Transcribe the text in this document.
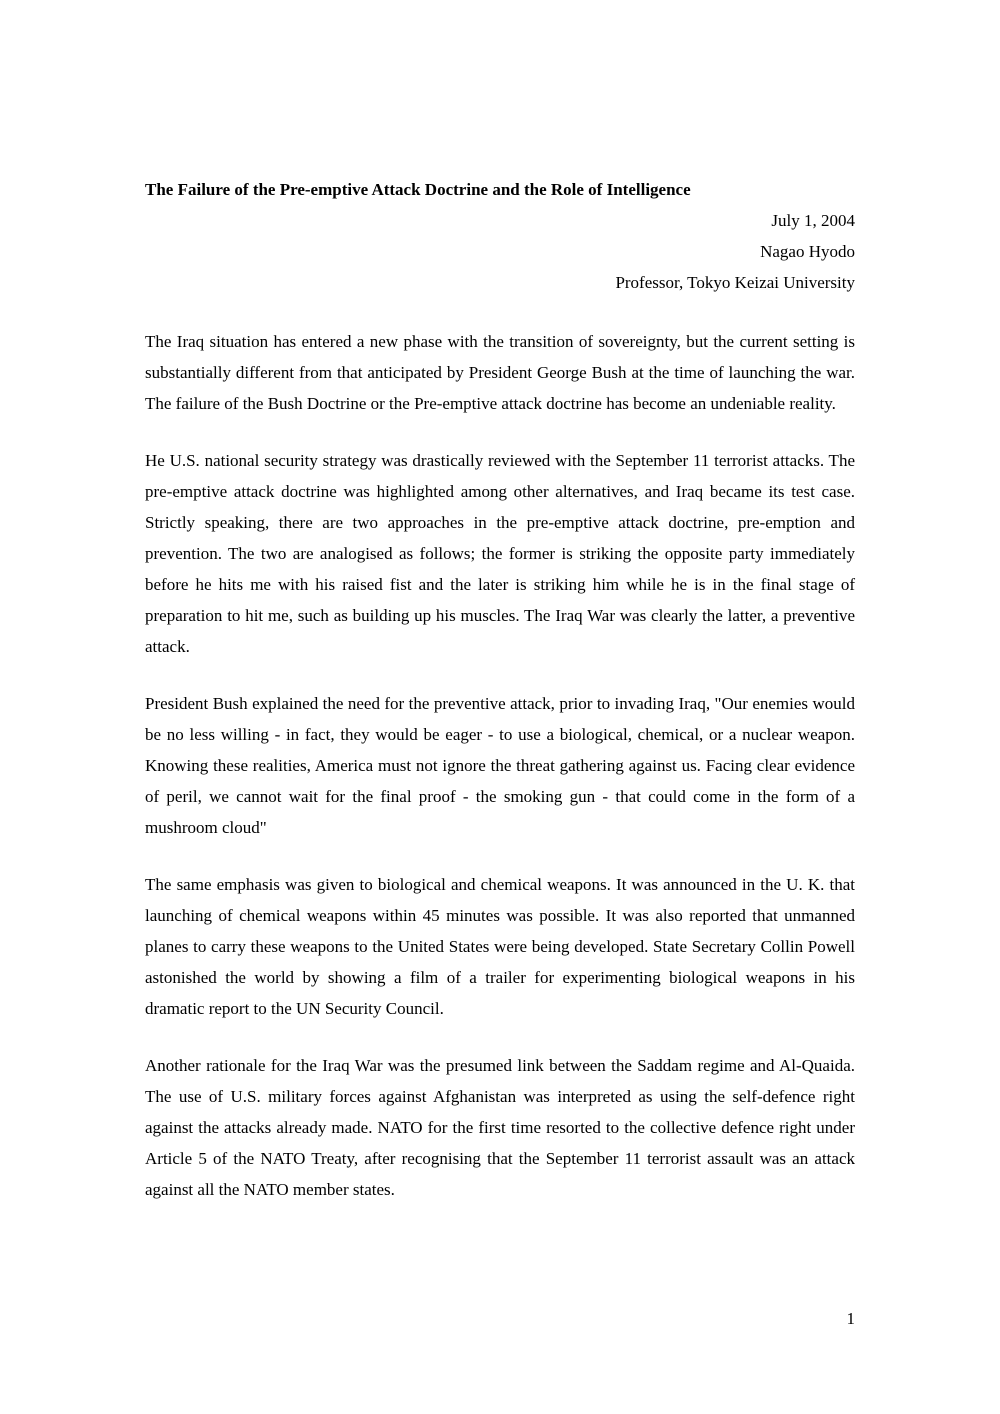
The Failure of the Pre-emptive Attack Doctrine and the Role of Intelligence
July 1, 2004
Nagao Hyodo
Professor, Tokyo Keizai University

The Iraq situation has entered a new phase with the transition of sovereignty, but the current setting is substantially different from that anticipated by President George Bush at the time of launching the war. The failure of the Bush Doctrine or the Pre-emptive attack doctrine has become an undeniable reality.

He U.S. national security strategy was drastically reviewed with the September 11 terrorist attacks. The pre-emptive attack doctrine was highlighted among other alternatives, and Iraq became its test case. Strictly speaking, there are two approaches in the pre-emptive attack doctrine, pre-emption and prevention. The two are analogised as follows; the former is striking the opposite party immediately before he hits me with his raised fist and the later is striking him while he is in the final stage of preparation to hit me, such as building up his muscles. The Iraq War was clearly the latter, a preventive attack.

President Bush explained the need for the preventive attack, prior to invading Iraq, "Our enemies would be no less willing - in fact, they would be eager - to use a biological, chemical, or a nuclear weapon. Knowing these realities, America must not ignore the threat gathering against us. Facing clear evidence of peril, we cannot wait for the final proof - the smoking gun - that could come in the form of a mushroom cloud"

The same emphasis was given to biological and chemical weapons. It was announced in the U. K. that launching of chemical weapons within 45 minutes was possible. It was also reported that unmanned planes to carry these weapons to the United States were being developed. State Secretary Collin Powell astonished the world by showing a film of a trailer for experimenting biological weapons in his dramatic report to the UN Security Council.

Another rationale for the Iraq War was the presumed link between the Saddam regime and Al-Quaida. The use of U.S. military forces against Afghanistan was interpreted as using the self-defence right against the attacks already made. NATO for the first time resorted to the collective defence right under Article 5 of the NATO Treaty, after recognising that the September 11 terrorist assault was an attack against all the NATO member states.

1
